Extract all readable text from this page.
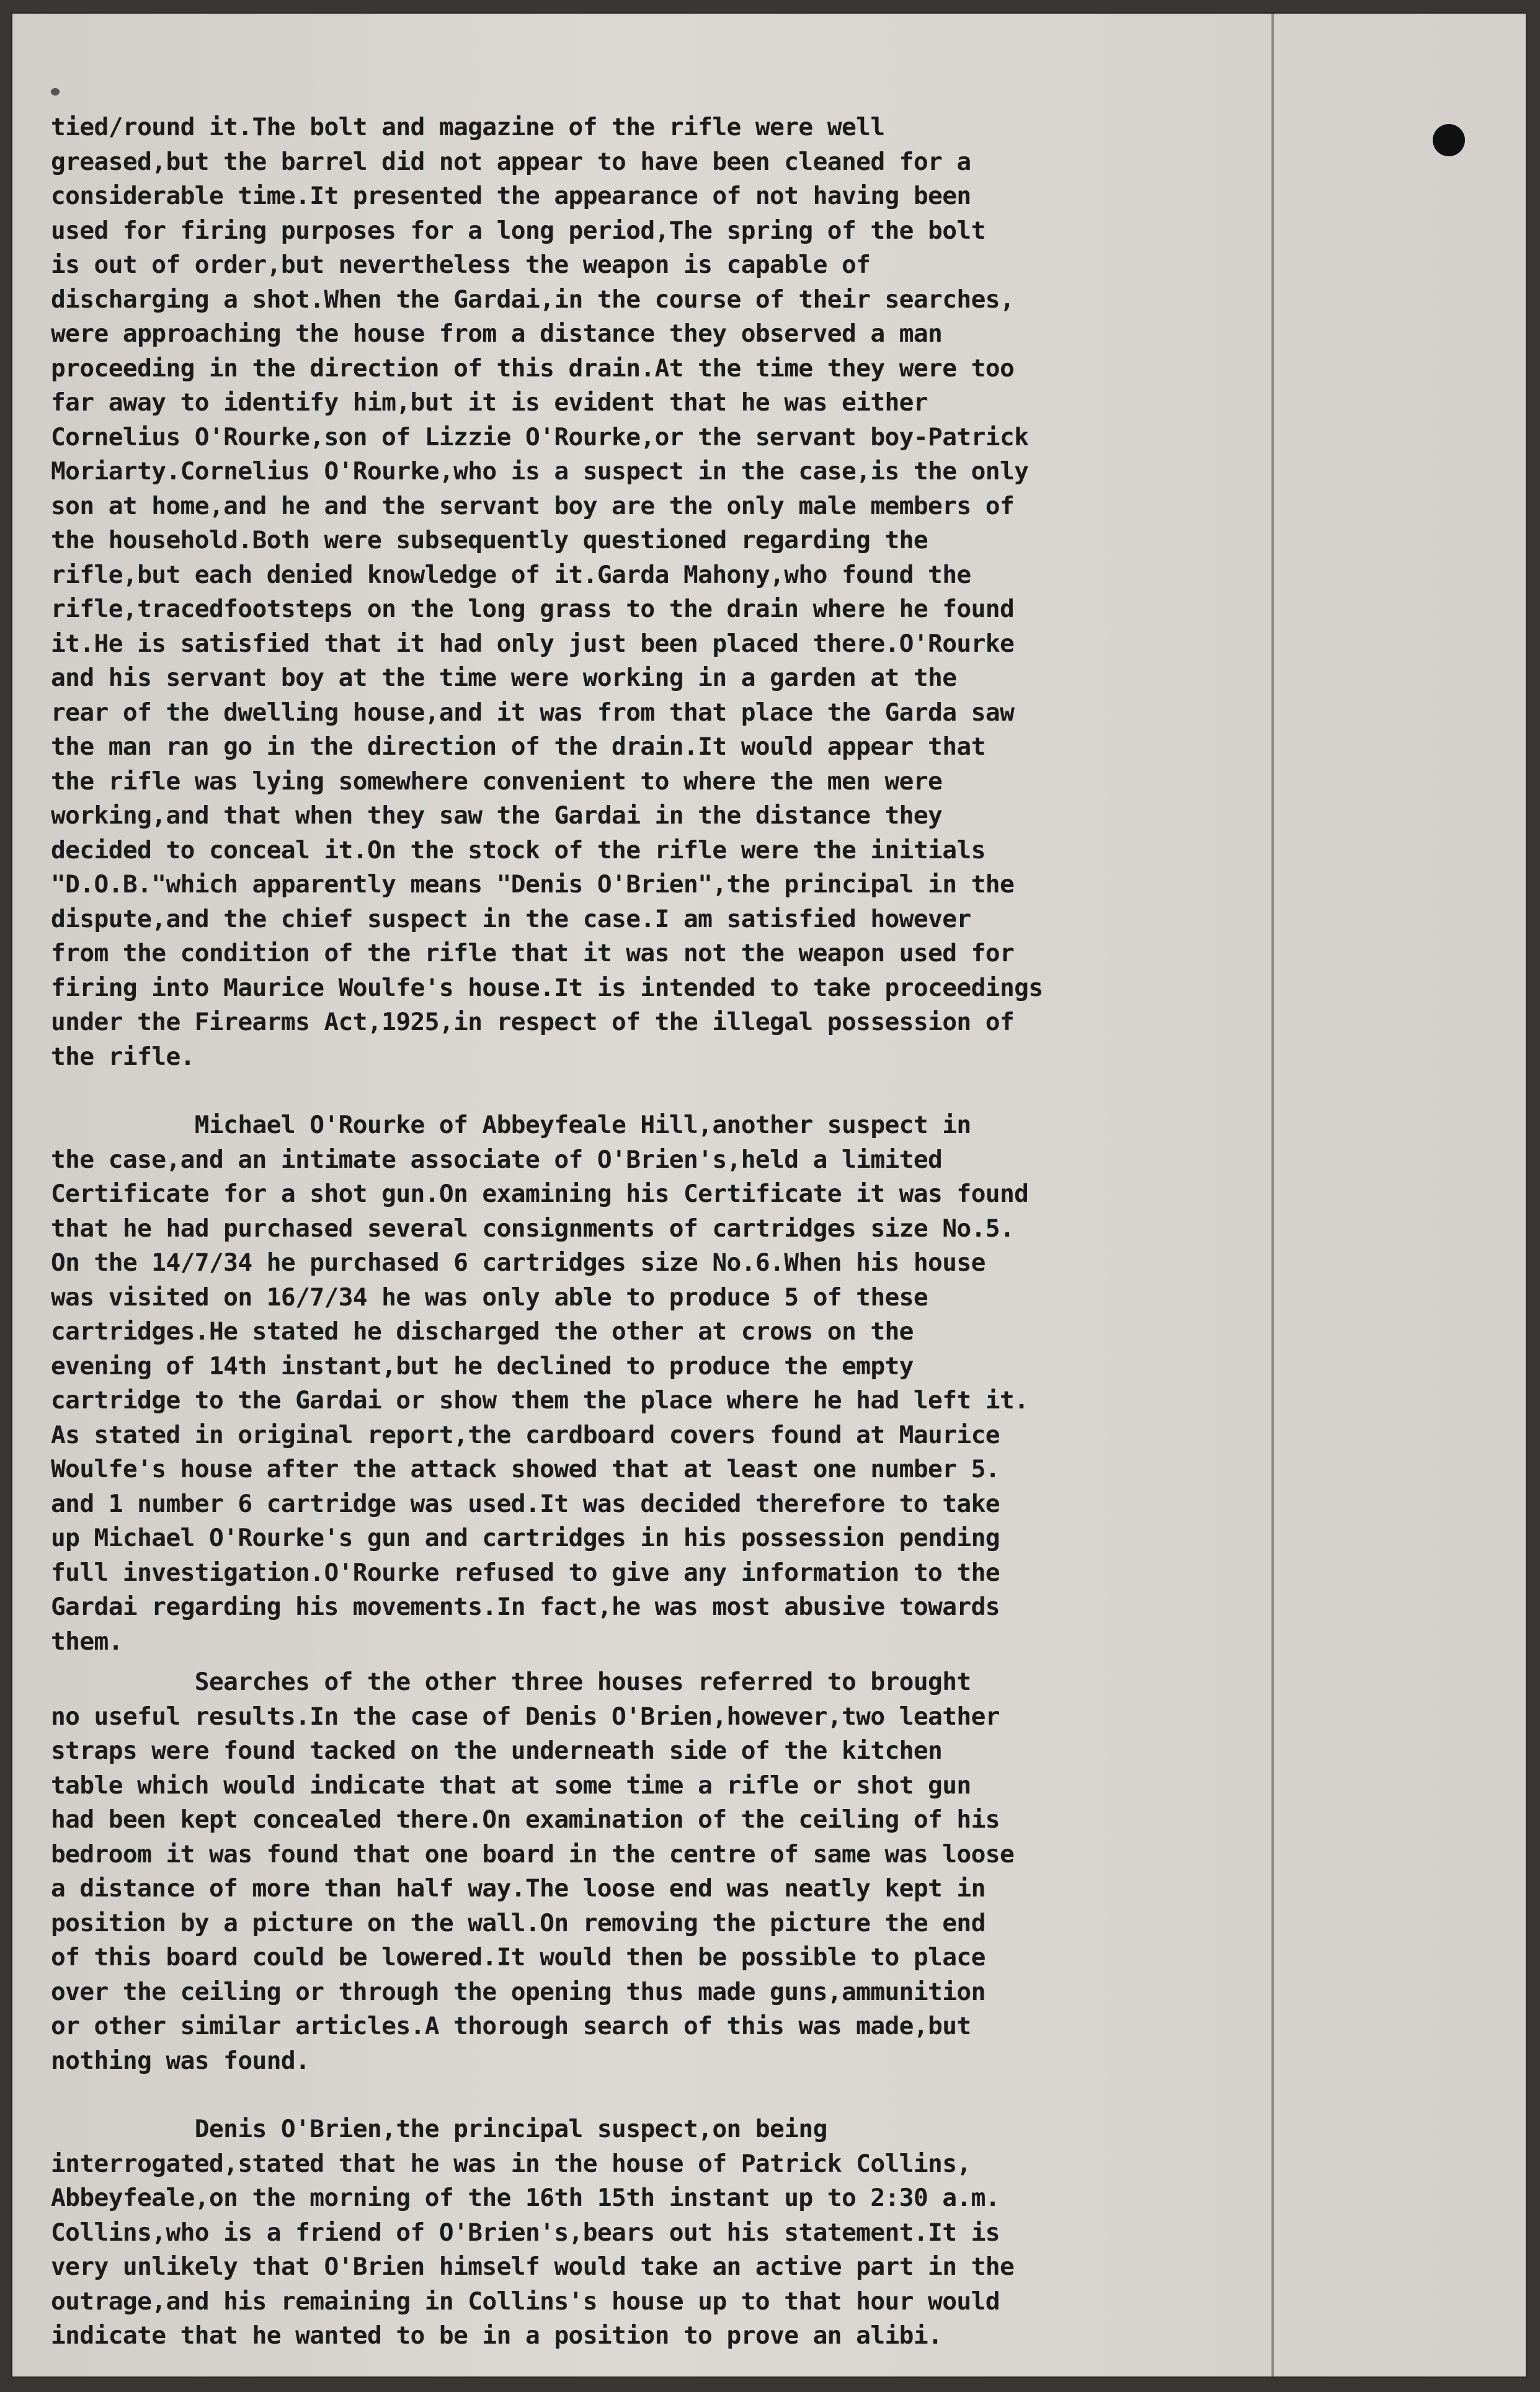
tied/round it.The bolt and magazine of the rifle were well
greased,but the barrel did not appear to have been cleaned for a
considerable time.It presented the appearance of not having been
used for firing purposes for a long period,The spring of the bolt
is out of order,but nevertheless the weapon is capable of
discharging a shot.When the Gardai,in the course of their searches,
were approaching the house from a distance they observed a man
proceeding in the direction of this drain.At the time they were too
far away to identify him,but it is evident that he was either
Cornelius O'Rourke,son of Lizzie O'Rourke,or the servant boy-Patrick
Moriarty.Cornelius O'Rourke,who is a suspect in the case,is the only
son at home,and he and the servant boy are the only male members of
the household.Both were subsequently questioned regarding the
rifle,but each denied knowledge of it.Garda Mahony,who found the
rifle,tracedfootsteps on the long grass to the drain where he found
it.He is satisfied that it had only just been placed there.O'Rourke
and his servant boy at the time were working in a garden at the
rear of the dwelling house,and it was from that place the Garda saw
the man ran go in the direction of the drain.It would appear that
the rifle was lying somewhere convenient to where the men were
working,and that when they saw the Gardai in the distance they
decided to conceal it.On the stock of the rifle were the initials
"D.O.B."which apparently means "Denis O'Brien",the principal in the
dispute,and the chief suspect in the case.I am satisfied however
from the condition of the rifle that it was not the weapon used for
firing into Maurice Woulfe's house.It is intended to take proceedings
under the Firearms Act,1925,in respect of the illegal possession of
the rifle.
Michael O'Rourke of Abbeyfeale Hill,another suspect in
the case,and an intimate associate of O'Brien's,held a limited
Certificate for a shot gun.On examining his Certificate it was found
that he had purchased several consignments of cartridges size No.5.
On the 14/7/34 he purchased 6 cartridges size No.6.When his house
was visited on 16/7/34 he was only able to produce 5 of these
cartridges.He stated he discharged the other at crows on the
evening of 14th instant,but he declined to produce the empty
cartridge to the Gardai or show them the place where he had left it.
As stated in original report,the cardboard covers found at Maurice
Woulfe's house after the attack showed that at least one number 5.
and 1 number 6 cartridge was used.It was decided therefore to take
up Michael O'Rourke's gun and cartridges in his possession pending
full investigation.O'Rourke refused to give any information to the
Gardai regarding his movements.In fact,he was most abusive towards
them.
Searches of the other three houses referred to brought
no useful results.In the case of Denis O'Brien,however,two leather
straps were found tacked on the underneath side of the kitchen
table which would indicate that at some time a rifle or shot gun
had been kept concealed there.On examination of the ceiling of his
bedroom it was found that one board in the centre of same was loose
a distance of more than half way.The loose end was neatly kept in
position by a picture on the wall.On removing the picture the end
of this board could be lowered.It would then be possible to place
over the ceiling or through the opening thus made guns,ammunition
or other similar articles.A thorough search of this was made,but
nothing was found.
Denis O'Brien,the principal suspect,on being
interrogated,stated that he was in the house of Patrick Collins,
Abbeyfeale,on the morning of the 16th 15th instant up to 2:30 a.m.
Collins,who is a friend of O'Brien's,bears out his statement.It is
very unlikely that O'Brien himself would take an active part in the
outrage,and his remaining in Collins's house up to that hour would
indicate that he wanted to be in a position to prove an alibi.
